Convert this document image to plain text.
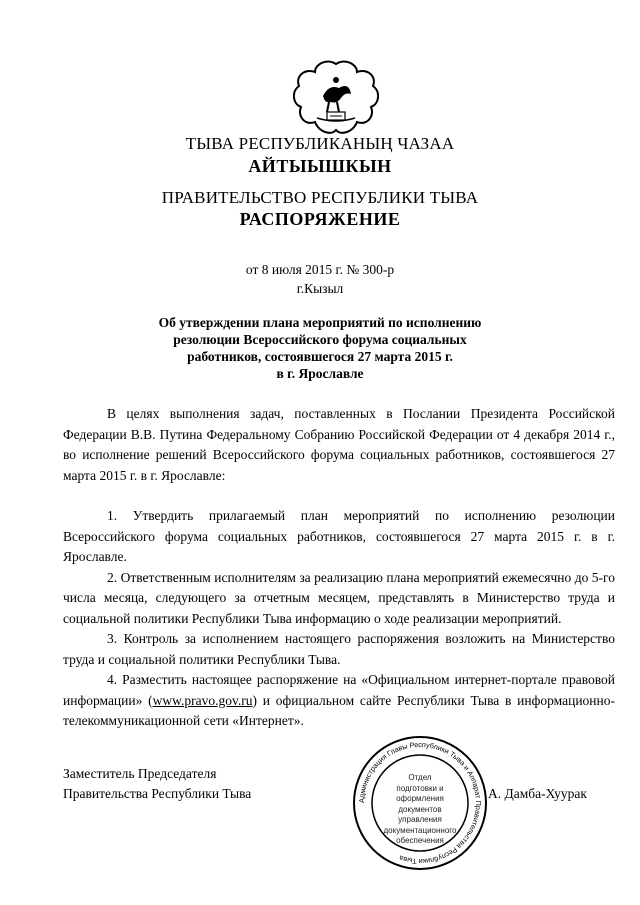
ТЫВА РЕСПУБЛИКАНЫҢ ЧАЗАА
АЙТЫЫШКЫН
ПРАВИТЕЛЬСТВО РЕСПУБЛИКИ ТЫВА
РАСПОРЯЖЕНИЕ
от 8 июля 2015 г. № 300-р
г.Кызыл
Об утверждении плана мероприятий по исполнению
резолюции Всероссийского форума социальных
работников, состоявшегося 27 марта 2015 г.
в г. Ярославле

В целях выполнения задач, поставленных в Послании Президента Российской Федерации В.В. Путина Федеральному Собранию Российской Федерации от 4 декабря 2014 г., во исполнение решений Всероссийского форума социальных работников, состоявшегося 27 марта 2015 г. в г. Ярославле:

1. Утвердить прилагаемый план мероприятий по исполнению резолюции Всероссийского форума социальных работников, состоявшегося 27 марта 2015 г. в г. Ярославле.

2. Ответственным исполнителям за реализацию плана мероприятий ежемесячно до 5-го числа месяца, следующего за отчетным месяцем, представлять в Министерство труда и социальной политики Республики Тыва информацию о ходе реализации мероприятий.

3. Контроль за исполнением настоящего распоряжения возложить на Министерство труда и социальной политики Республики Тыва.

4. Разместить настоящее распоряжение на «Официальном интернет-портале правовой информации» (www.pravo.gov.ru) и официальном сайте Республики Тыва в информационно-телекоммуникационной сети «Интернет».

Заместитель Председателя
Правительства Республики Тыва	Администрация Главы Республики Тыва и Аппарат Правительства Республики Тыва
Отдел
подготовки и
оформления документов
управления
документационного
обеспечения
А. Дамба-Хуурак
